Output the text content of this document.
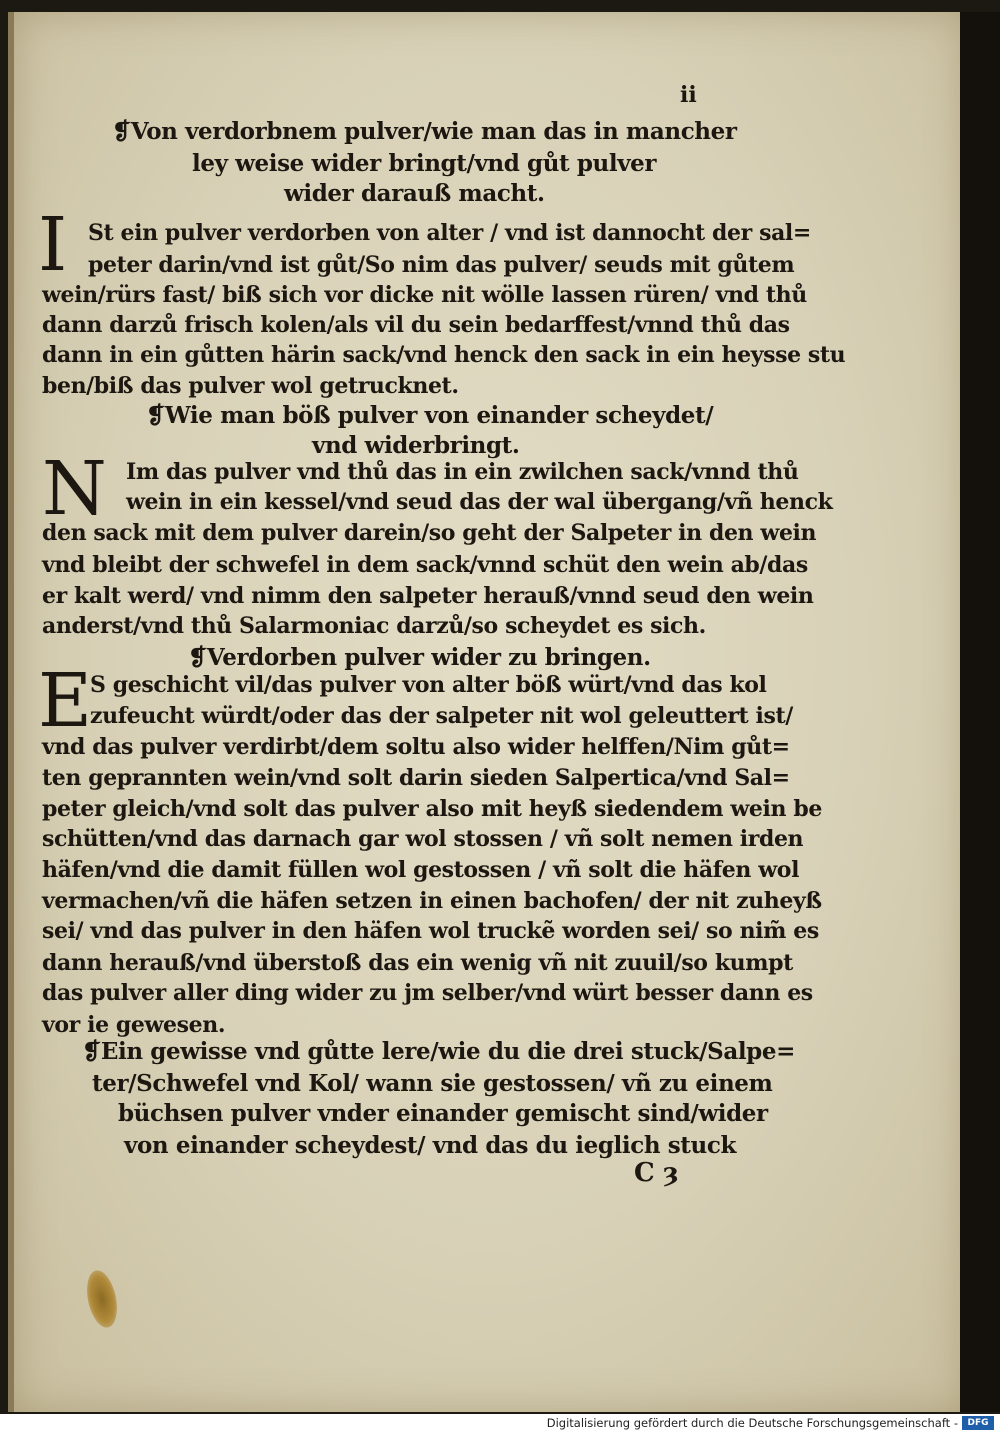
ii
❡Von verdorbnem pulver/wie man das in mancher
ley weise wider bringt/vnd gůt pulver
wider darauß macht.
I St ein pulver verdorben von alter / vnd ist dannocht der sal=
peter darin/vnd ist gůt/So nim das pulver/ seuds mit gůtem
wein/rürs fast/ biß sich vor dicke nit wölle lassen rüren/ vnd thů
dann darzů frisch kolen/als vil du sein bedarffest/vnnd thů das
dann in ein gůtten härin sack/vnd henck den sack in ein heysse stu
ben/biß das pulver wol getrucknet.
❡Wie man böß pulver von einander scheydet/
vnd widerbringt.
N Im das pulver vnd thů das in ein zwilchen sack/vnnd thů
wein in ein kessel/vnd seud das der wal übergang/vñ henck
den sack mit dem pulver darein/so geht der Salpeter in den wein
vnd bleibt der schwefel in dem sack/vnnd schüt den wein ab/das
er kalt werd/ vnd nimm den salpeter herauß/vnnd seud den wein
anderst/vnd thů Salarmoniac darzů/so scheydet es sich.
❡Verdorben pulver wider zu bringen.
E
S geschicht vil/das pulver von alter böß würt/vnd das kol
zufeucht würdt/oder das der salpeter nit wol geleuttert ist/
vnd das pulver verdirbt/dem soltu also wider helffen/Nim gůt=
ten geprannten wein/vnd solt darin sieden Salpertica/vnd Sal=
peter gleich/vnd solt das pulver also mit heyß siedendem wein be
schütten/vnd das darnach gar wol stossen / vñ solt nemen irden
häfen/vnd die damit füllen wol gestossen / vñ solt die häfen wol
vermachen/vñ die häfen setzen in einen bachofen/ der nit zuheyß
sei/ vnd das pulver in den häfen wol truckẽ worden sei/ so nim̃ es
dann herauß/vnd überstoß das ein wenig vñ nit zuuil/so kumpt
das pulver aller ding wider zu jm selber/vnd würt besser dann es
vor ie gewesen.
❡Ein gewisse vnd gůtte lere/wie du die drei stuck/Salpe=
ter/Schwefel vnd Kol/ wann sie gestossen/ vñ zu einem
büchsen pulver vnder einander gemischt sind/wider
von einander scheydest/ vnd das du ieglich stuck
C ȝ
Digitalisierung gefördert durch die Deutsche Forschungsgemeinschaft -	DFG
